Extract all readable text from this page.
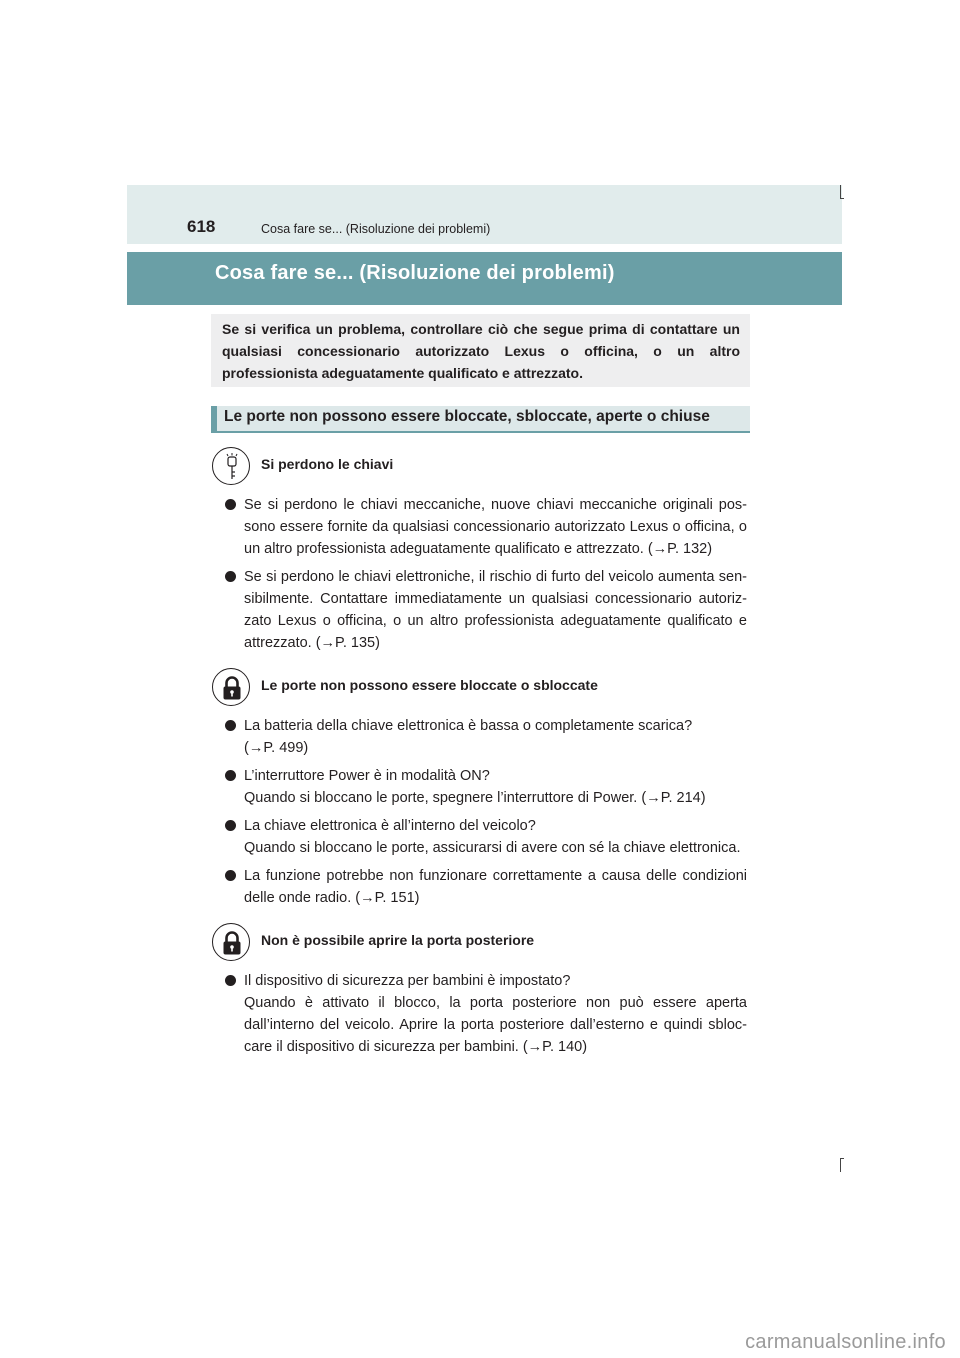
618	Cosa fare se... (Risoluzione dei problemi)
Cosa fare se... (Risoluzione dei problemi)

Se si verifica un problema, controllare ciò che segue prima di contattare un qualsiasi concessionario autorizzato Lexus o officina, o un altro professionista adeguatamente qualificato e attrezzato.

Le porte non possono essere bloccate, sbloccate, aperte o chiuse
Si perdono le chiavi

Se si perdono le chiavi meccaniche, nuove chiavi meccaniche originali pos-
sono essere fornite da qualsiasi concessionario autorizzato Lexus o officina, o
un altro professionista adeguatamente qualificato e attrezzato. (→P. 132)

Se si perdono le chiavi elettroniche, il rischio di furto del veicolo aumenta sen-
sibilmente. Contattare immediatamente un qualsiasi concessionario autoriz-
zato Lexus o officina, o un altro professionista adeguatamente qualificato e
attrezzato. (→P. 135)

Le porte non possono essere bloccate o sbloccate

La batteria della chiave elettronica è bassa o completamente scarica?
(→P. 499)

L’interruttore Power è in modalità ON?
Quando si bloccano le porte, spegnere l’interruttore di Power. (→P. 214)

La chiave elettronica è all’interno del veicolo?
Quando si bloccano le porte, assicurarsi di avere con sé la chiave elettronica.

La funzione potrebbe non funzionare correttamente a causa delle condizioni
delle onde radio. (→P. 151)

Non è possibile aprire la porta posteriore

Il dispositivo di sicurezza per bambini è impostato?
Quando è attivato il blocco, la porta posteriore non può essere aperta
dall’interno del veicolo. Aprire la porta posteriore dall’esterno e quindi sbloc-
care il dispositivo di sicurezza per bambini. (→P. 140)

carmanualsonline.info
